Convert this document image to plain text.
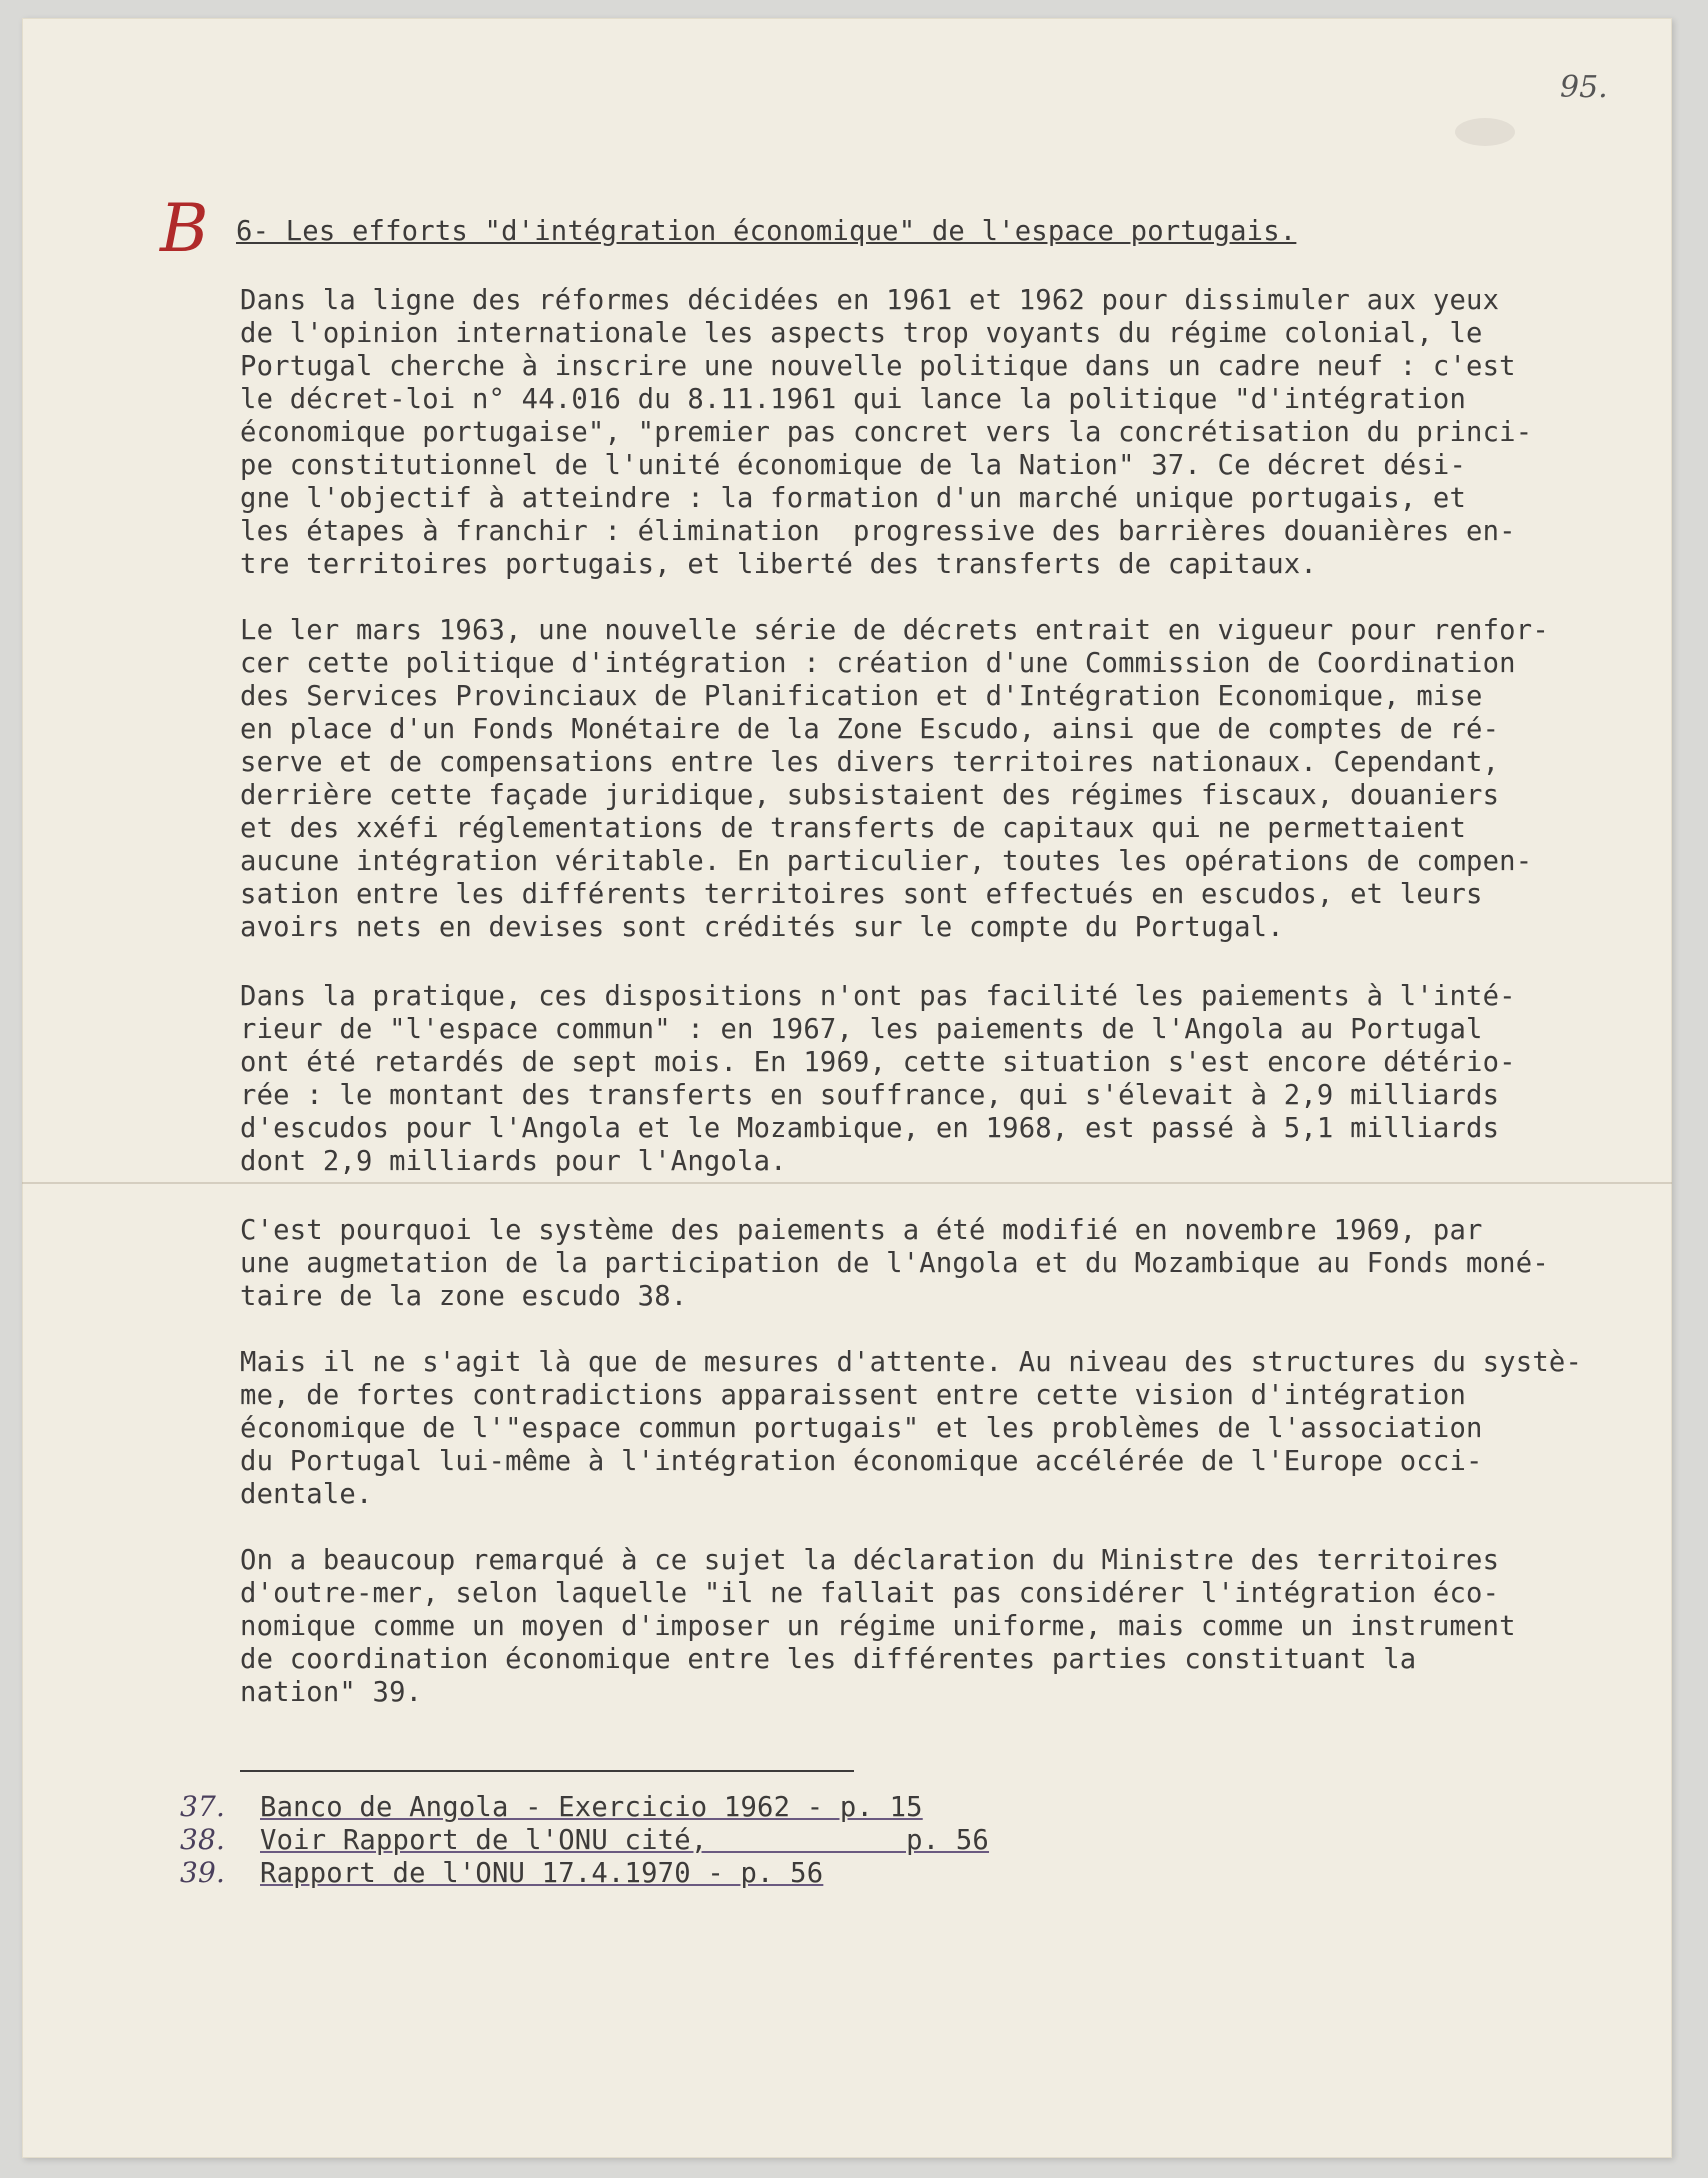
95.
B 6- Les efforts "d'intégration économique" de l'espace portugais.
Dans la ligne des réformes décidées en 1961 et 1962 pour dissimuler aux yeux
de l'opinion internationale les aspects trop voyants du régime colonial, le
Portugal cherche à inscrire une nouvelle politique dans un cadre neuf : c'est
le décret-loi n° 44.016 du 8.11.1961 qui lance la politique "d'intégration
économique portugaise", "premier pas concret vers la concrétisation du princi-
pe constitutionnel de l'unité économique de la Nation" 37. Ce décret dési-
gne l'objectif à atteindre : la formation d'un marché unique portugais, et
les étapes à franchir : élimination  progressive des barrières douanières en-
tre territoires portugais, et liberté des transferts de capitaux.
Le ler mars 1963, une nouvelle série de décrets entrait en vigueur pour renfor-
cer cette politique d'intégration : création d'une Commission de Coordination
des Services Provinciaux de Planification et d'Intégration Economique, mise
en place d'un Fonds Monétaire de la Zone Escudo, ainsi que de comptes de ré-
serve et de compensations entre les divers territoires nationaux. Cependant,
derrière cette façade juridique, subsistaient des régimes fiscaux, douaniers
et des xxéfi réglementations de transferts de capitaux qui ne permettaient
aucune intégration véritable. En particulier, toutes les opérations de compen-
sation entre les différents territoires sont effectués en escudos, et leurs
avoirs nets en devises sont crédités sur le compte du Portugal.
Dans la pratique, ces dispositions n'ont pas facilité les paiements à l'inté-
rieur de "l'espace commun" : en 1967, les paiements de l'Angola au Portugal
ont été retardés de sept mois. En 1969, cette situation s'est encore détério-
rée : le montant des transferts en souffrance, qui s'élevait à 2,9 milliards
d'escudos pour l'Angola et le Mozambique, en 1968, est passé à 5,1 milliards
dont 2,9 milliards pour l'Angola.
C'est pourquoi le système des paiements a été modifié en novembre 1969, par
une augmetation de la participation de l'Angola et du Mozambique au Fonds moné-
taire de la zone escudo 38.
Mais il ne s'agit là que de mesures d'attente. Au niveau des structures du systè-
me, de fortes contradictions apparaissent entre cette vision d'intégration
économique de l'"espace commun portugais" et les problèmes de l'association
du Portugal lui-même à l'intégration économique accélérée de l'Europe occi-
dentale.
On a beaucoup remarqué à ce sujet la déclaration du Ministre des territoires
d'outre-mer, selon laquelle "il ne fallait pas considérer l'intégration éco-
nomique comme un moyen d'imposer un régime uniforme, mais comme un instrument
de coordination économique entre les différentes parties constituant la
nation" 39.
37. Banco de Angola - Exercicio 1962 - p. 15
38. Voir Rapport de l'ONU cité,            p. 56
39. Rapport de l'ONU 17.4.1970 - p. 56
